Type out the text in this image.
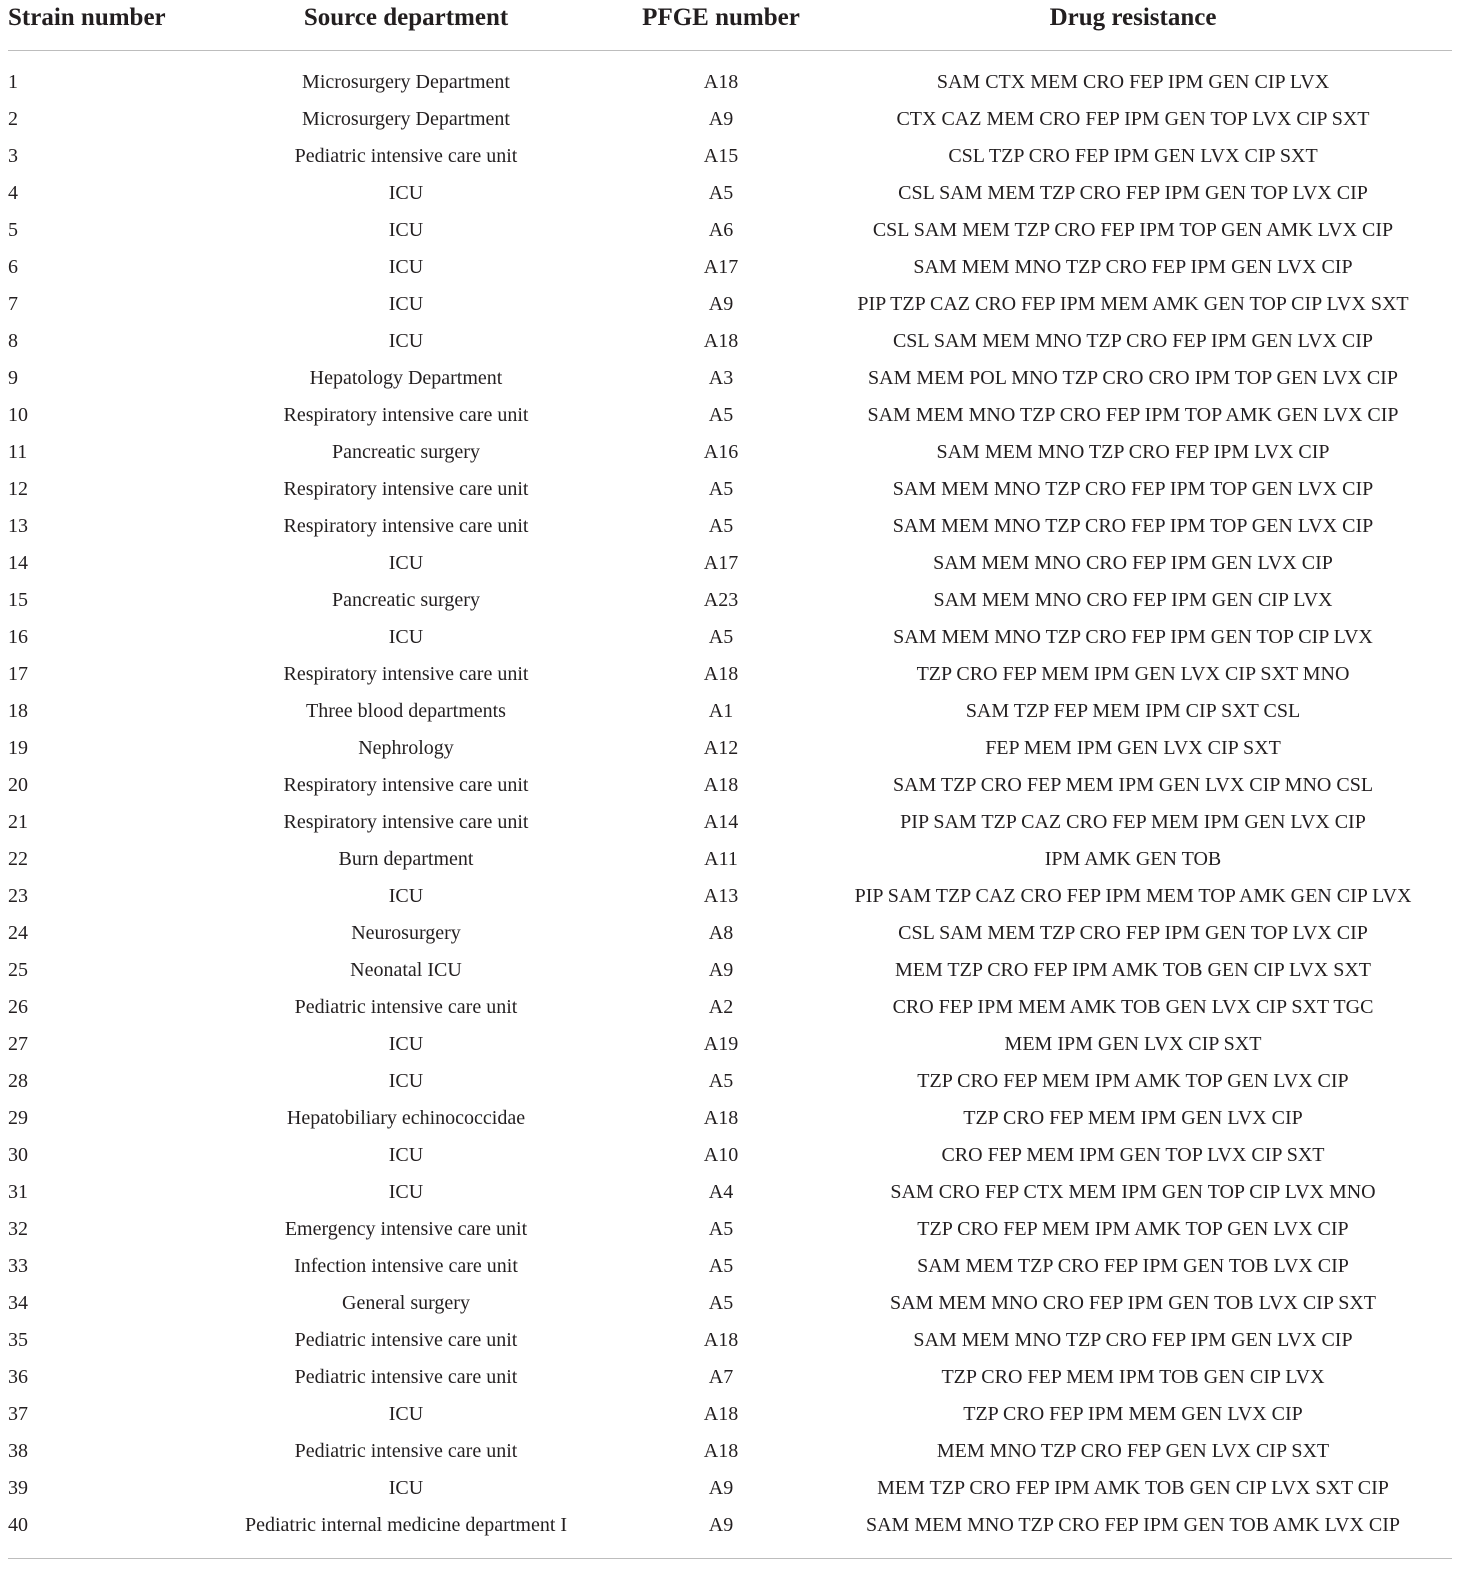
Strain number	Source department	PFGE number	Drug resistance

1	Microsurgery Department	A18	SAM CTX MEM CRO FEP IPM GEN CIP LVX
2	Microsurgery Department	A9	CTX CAZ MEM CRO FEP IPM GEN TOP LVX CIP SXT
3	Pediatric intensive care unit	A15	CSL TZP CRO FEP IPM GEN LVX CIP SXT
4	ICU	A5	CSL SAM MEM TZP CRO FEP IPM GEN TOP LVX CIP
5	ICU	A6	CSL SAM MEM TZP CRO FEP IPM TOP GEN AMK LVX CIP
6	ICU	A17	SAM MEM MNO TZP CRO FEP IPM GEN LVX CIP
7	ICU	A9	PIP TZP CAZ CRO FEP IPM MEM AMK GEN TOP CIP LVX SXT
8	ICU	A18	CSL SAM MEM MNO TZP CRO FEP IPM GEN LVX CIP
9	Hepatology Department	A3	SAM MEM POL MNO TZP CRO CRO IPM TOP GEN LVX CIP
10	Respiratory intensive care unit	A5	SAM MEM MNO TZP CRO FEP IPM TOP AMK GEN LVX CIP
11	Pancreatic surgery	A16	SAM MEM MNO TZP CRO FEP IPM LVX CIP
12	Respiratory intensive care unit	A5	SAM MEM MNO TZP CRO FEP IPM TOP GEN LVX CIP
13	Respiratory intensive care unit	A5	SAM MEM MNO TZP CRO FEP IPM TOP GEN LVX CIP
14	ICU	A17	SAM MEM MNO CRO FEP IPM GEN LVX CIP
15	Pancreatic surgery	A23	SAM MEM MNO CRO FEP IPM GEN CIP LVX
16	ICU	A5	SAM MEM MNO TZP CRO FEP IPM GEN TOP CIP LVX
17	Respiratory intensive care unit	A18	TZP CRO FEP MEM IPM GEN LVX CIP SXT MNO
18	Three blood departments	A1	SAM TZP FEP MEM IPM CIP SXT CSL
19	Nephrology	A12	FEP MEM IPM GEN LVX CIP SXT
20	Respiratory intensive care unit	A18	SAM TZP CRO FEP MEM IPM GEN LVX CIP MNO CSL
21	Respiratory intensive care unit	A14	PIP SAM TZP CAZ CRO FEP MEM IPM GEN LVX CIP
22	Burn department	A11	IPM AMK GEN TOB
23	ICU	A13	PIP SAM TZP CAZ CRO FEP IPM MEM TOP AMK GEN CIP LVX
24	Neurosurgery	A8	CSL SAM MEM TZP CRO FEP IPM GEN TOP LVX CIP
25	Neonatal ICU	A9	MEM TZP CRO FEP IPM AMK TOB GEN CIP LVX SXT
26	Pediatric intensive care unit	A2	CRO FEP IPM MEM AMK TOB GEN LVX CIP SXT TGC
27	ICU	A19	MEM IPM GEN LVX CIP SXT
28	ICU	A5	TZP CRO FEP MEM IPM AMK TOP GEN LVX CIP
29	Hepatobiliary echinococcidae	A18	TZP CRO FEP MEM IPM GEN LVX CIP
30	ICU	A10	CRO FEP MEM IPM GEN TOP LVX CIP SXT
31	ICU	A4	SAM CRO FEP CTX MEM IPM GEN TOP CIP LVX MNO
32	Emergency intensive care unit	A5	TZP CRO FEP MEM IPM AMK TOP GEN LVX CIP
33	Infection intensive care unit	A5	SAM MEM TZP CRO FEP IPM GEN TOB LVX CIP
34	General surgery	A5	SAM MEM MNO CRO FEP IPM GEN TOB LVX CIP SXT
35	Pediatric intensive care unit	A18	SAM MEM MNO TZP CRO FEP IPM GEN LVX CIP
36	Pediatric intensive care unit	A7	TZP CRO FEP MEM IPM TOB GEN CIP LVX
37	ICU	A18	TZP CRO FEP IPM MEM GEN LVX CIP
38	Pediatric intensive care unit	A18	MEM MNO TZP CRO FEP GEN LVX CIP SXT
39	ICU	A9	MEM TZP CRO FEP IPM AMK TOB GEN CIP LVX SXT CIP
40	Pediatric internal medicine department I	A9	SAM MEM MNO TZP CRO FEP IPM GEN TOB AMK LVX CIP
